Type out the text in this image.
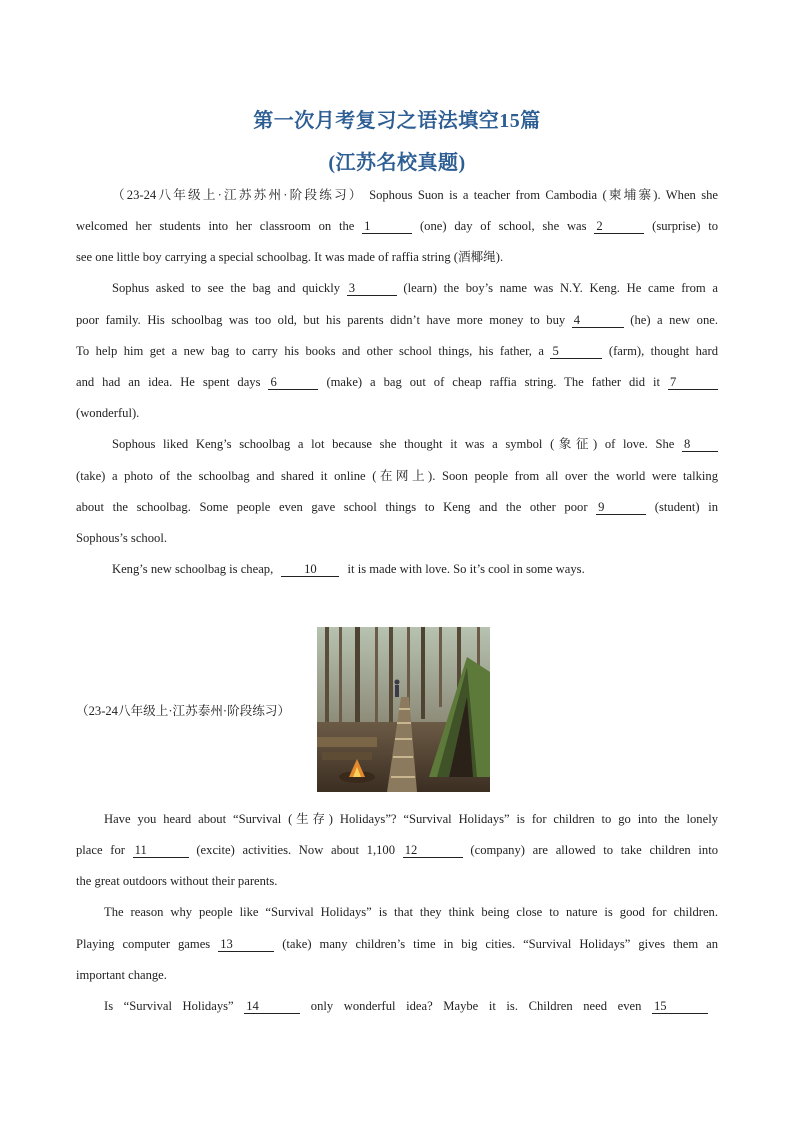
第一次月考复习之语法填空15篇
(江苏名校真题)
（23-24八年级上·江苏苏州·阶段练习） Sophous Suon is a teacher from Cambodia (柬埔寨). When she
welcomed her students into her classroom on the 1	(one) day of school, she was 2	(surprise) to
see one little boy carrying a special schoolbag. It was made of raffia string (酒椰绳).
Sophus asked to see the bag and quickly 3	(learn) the boy’s name was N.Y. Keng. He came from a
poor family. His schoolbag was too old, but his parents didn’t have more money to buy 4	(he) a new one.
To help him get a new bag to carry his books and other school things, his father, a 5	(farm), thought hard
and had an idea. He spent days 6	(make) a bag out of cheap raffia string. The father did it 7
(wonderful).
Sophous liked Keng’s schoolbag a lot because she thought it was a symbol (象征) of love. She 8
(take) a photo of the schoolbag and shared it online (在网上). Soon people from all over the world were talking
about the schoolbag. Some people even gave school things to Keng and the other poor 9	(student) in
Sophous’s school.
Keng’s new schoolbag is cheap, 10 it is made with love. So it’s cool in some ways.
（23-24八年级上·江苏泰州·阶段练习）
Have you heard about “Survival (生存) Holidays”? “Survival Holidays” is for children to go into the lonely
place for 11	(excite) activities. Now about 1,100 12	(company) are allowed to take children into
the great outdoors without their parents.
The reason why people like “Survival Holidays” is that they think being close to nature is good for children.
Playing computer games 13	(take) many children’s time in big cities. “Survival Holidays” gives them an
important change.
Is “Survival Holidays” 14	only wonderful idea? Maybe it is. Children need even 15
